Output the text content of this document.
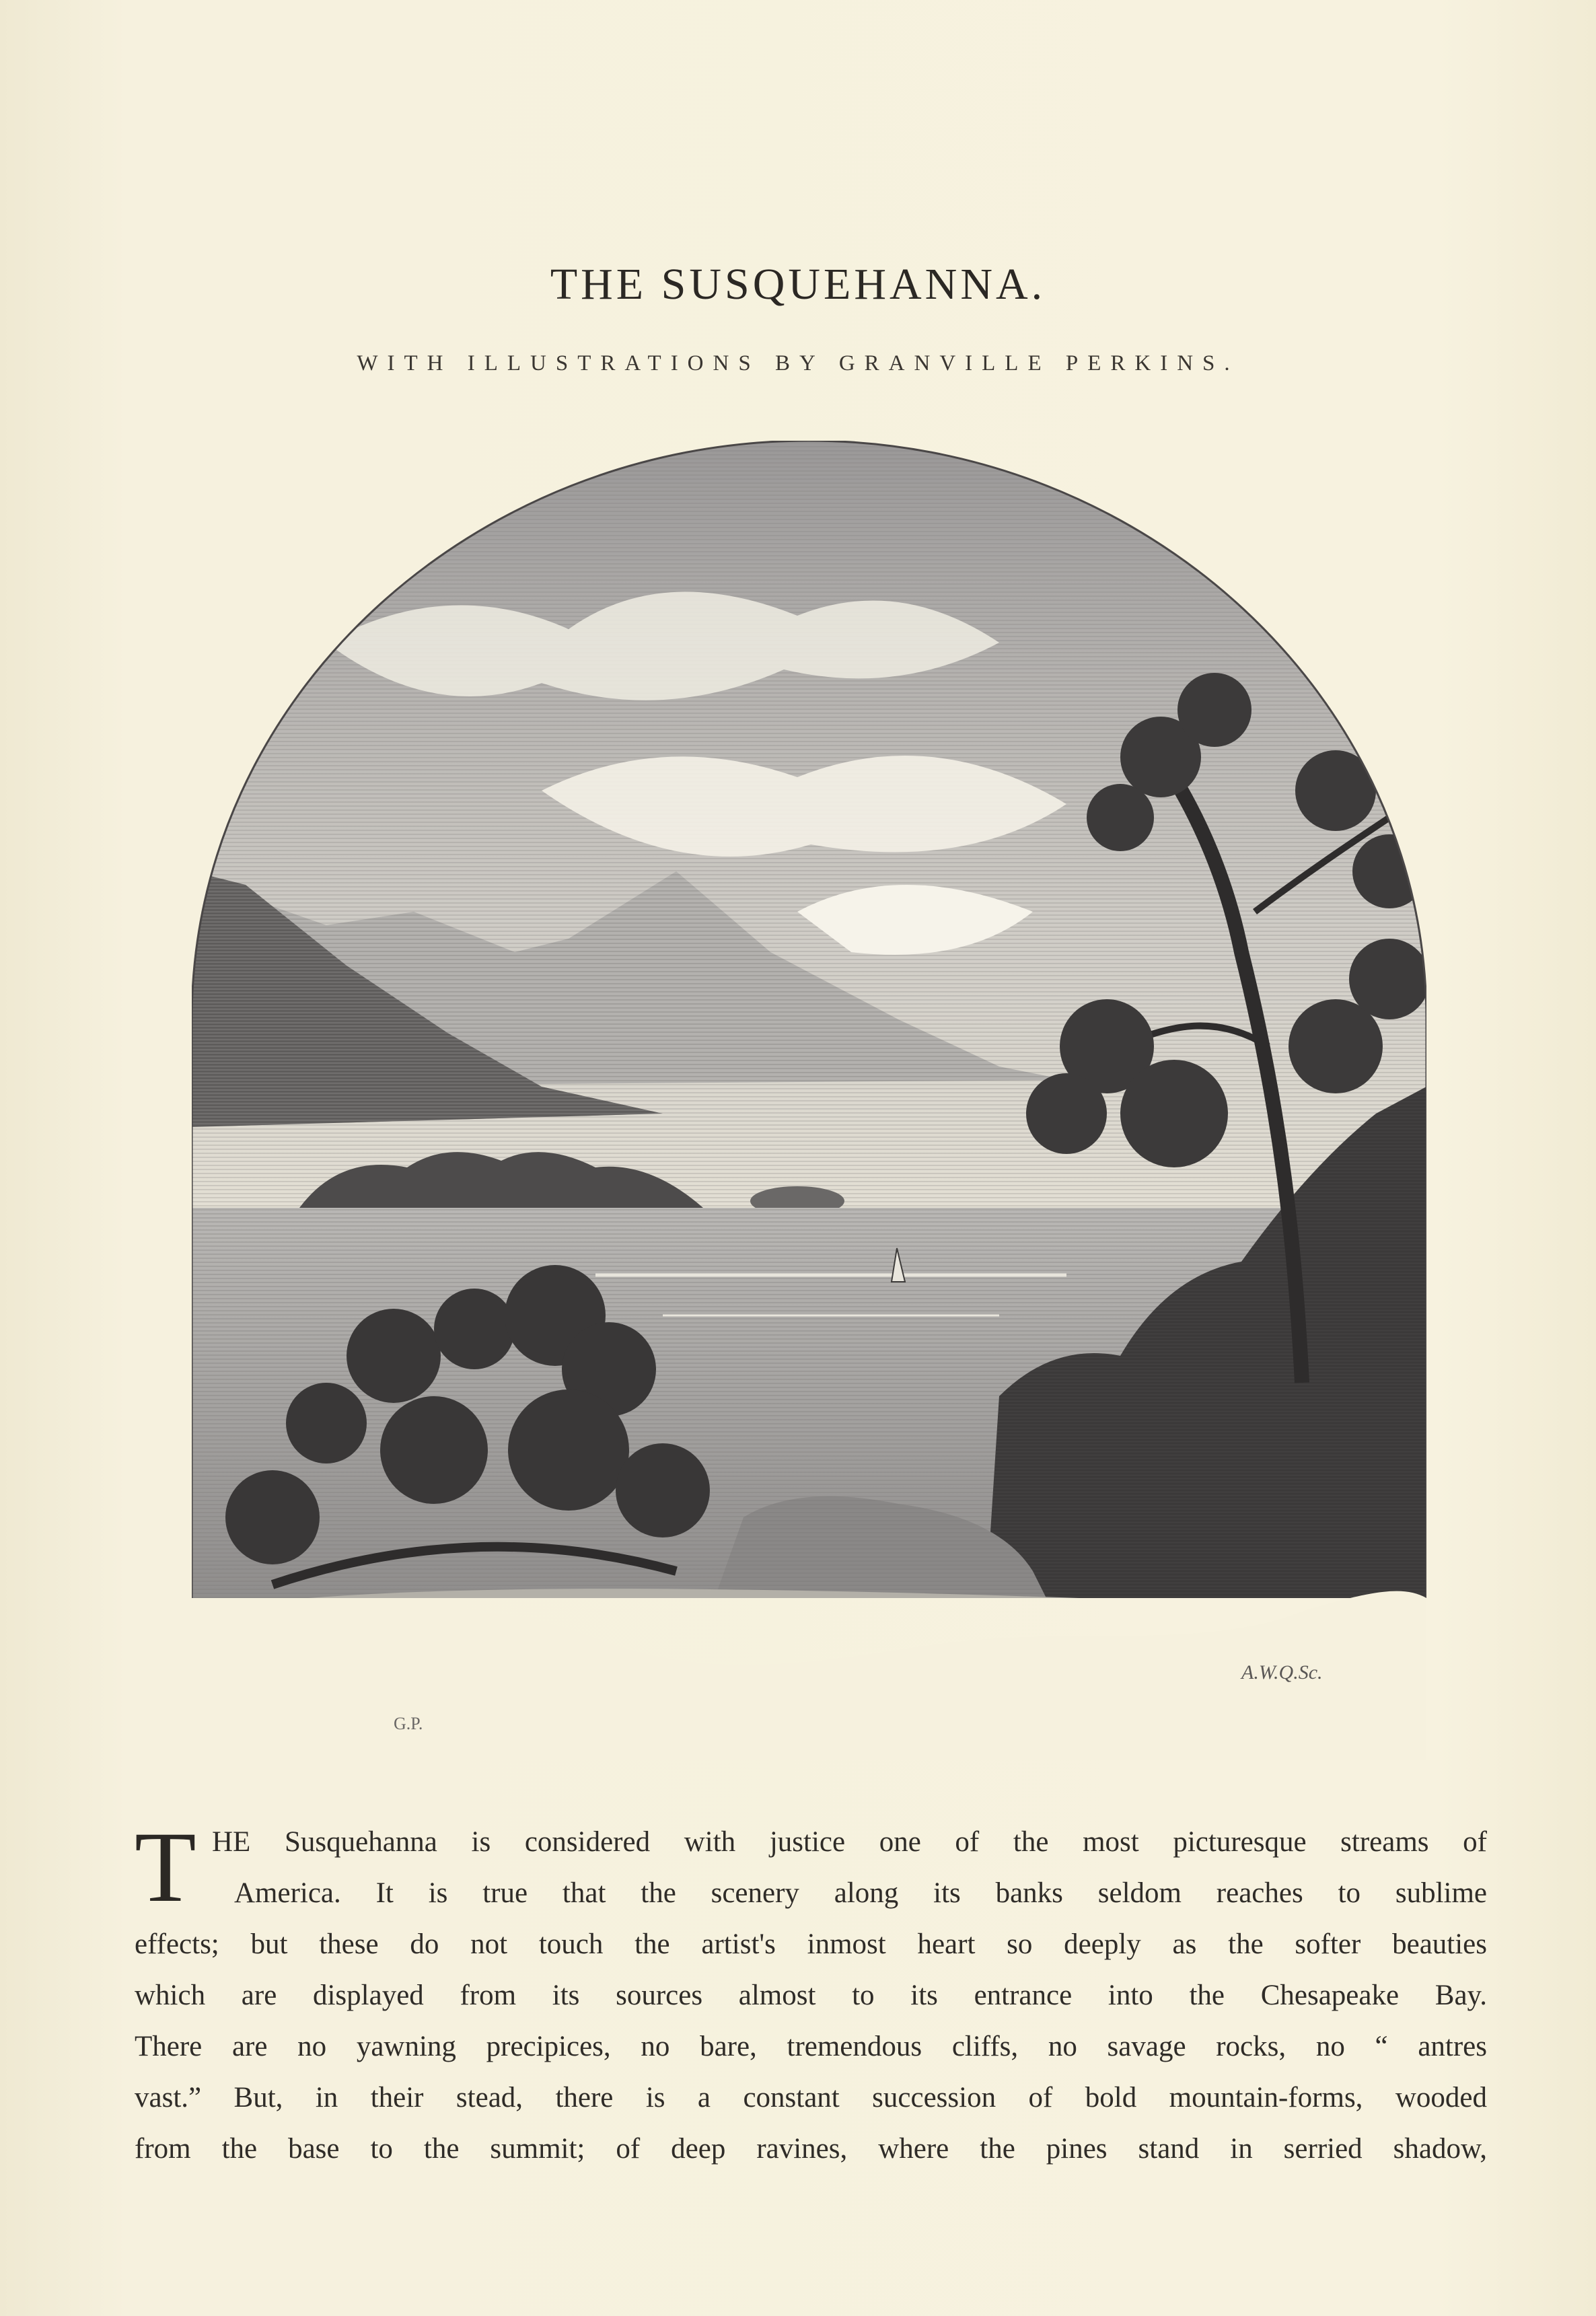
THE SUSQUEHANNA.
WITH ILLUSTRATIONS BY GRANVILLE PERKINS.
G.P.
A.W.Q.Sc.
T HE Susquehanna is considered with justice one of the most picturesque streams of
America. It is true that the scenery along its banks seldom reaches to sublime
effects; but these do not touch the artist's inmost heart so deeply as the softer beauties
which are displayed from its sources almost to its entrance into the Chesapeake Bay.
There are no yawning precipices, no bare, tremendous cliffs, no savage rocks, no “ antres
vast.” But, in their stead, there is a constant succession of bold mountain-forms, wooded
from the base to the summit; of deep ravines, where the pines stand in serried shadow,
